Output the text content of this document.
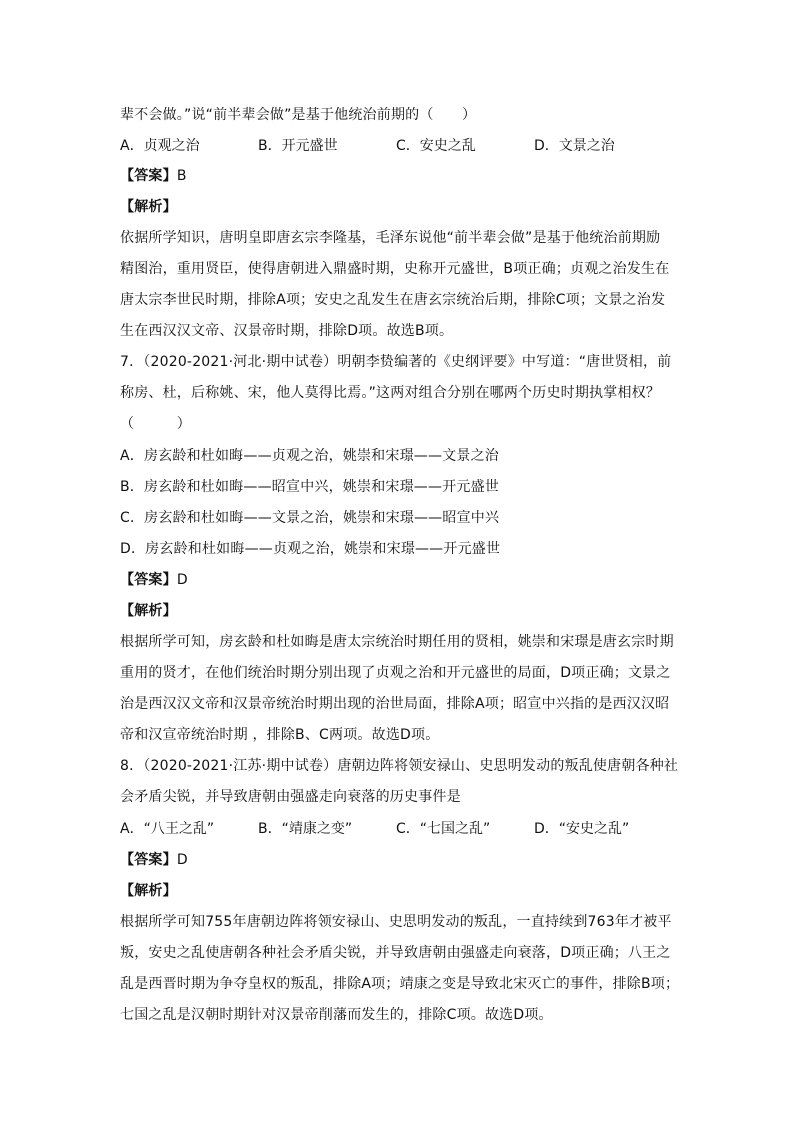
辈不会做。”说“前半辈会做”是基于他统治前期的（　　）
A．贞观之治	B．开元盛世	C．安史之乱	D．文景之治
【答案】B
【解析】
依据所学知识，唐明皇即唐玄宗李隆基，毛泽东说他“前半辈会做”是基于他统治前期励
精图治，重用贤臣，使得唐朝进入鼎盛时期，史称开元盛世，B项正确；贞观之治发生在
唐太宗李世民时期，排除A项；安史之乱发生在唐玄宗统治后期，排除C项；文景之治发
生在西汉汉文帝、汉景帝时期，排除D项。故选B项。
7．（2020-2021·河北·期中试卷）明朝李贽编著的《史纲评要》中写道：“唐世贤相，前
称房、杜，后称姚、宋，他人莫得比焉。”这两对组合分别在哪两个历史时期执掌相权？
（　　　）
A．房玄龄和杜如晦——贞观之治，姚崇和宋璟——文景之治
B．房玄龄和杜如晦——昭宣中兴，姚崇和宋璟——开元盛世
C．房玄龄和杜如晦——文景之治，姚崇和宋璟——昭宣中兴
D．房玄龄和杜如晦——贞观之治，姚崇和宋璟——开元盛世
【答案】D
【解析】
根据所学可知，房玄龄和杜如晦是唐太宗统治时期任用的贤相，姚崇和宋璟是唐玄宗时期
重用的贤才，在他们统治时期分别出现了贞观之治和开元盛世的局面，D项正确；文景之
治是西汉汉文帝和汉景帝统治时期出现的治世局面，排除A项；昭宣中兴指的是西汉汉昭
帝和汉宣帝统治时期 ，排除B、C两项。故选D项。
8．（2020-2021·江苏·期中试卷）唐朝边阵将领安禄山、史思明发动的叛乱使唐朝各种社
会矛盾尖锐，并导致唐朝由强盛走向衰落的历史事件是
A．“八王之乱”	B．“靖康之变”	C．“七国之乱”	D．“安史之乱”
【答案】D
【解析】
根据所学可知755年唐朝边阵将领安禄山、史思明发动的叛乱，一直持续到763年才被平
叛，安史之乱使唐朝各种社会矛盾尖锐，并导致唐朝由强盛走向衰落，D项正确；八王之
乱是西晋时期为争夺皇权的叛乱，排除A项；靖康之变是导致北宋灭亡的事件，排除B项；
七国之乱是汉朝时期针对汉景帝削藩而发生的，排除C项。故选D项。
